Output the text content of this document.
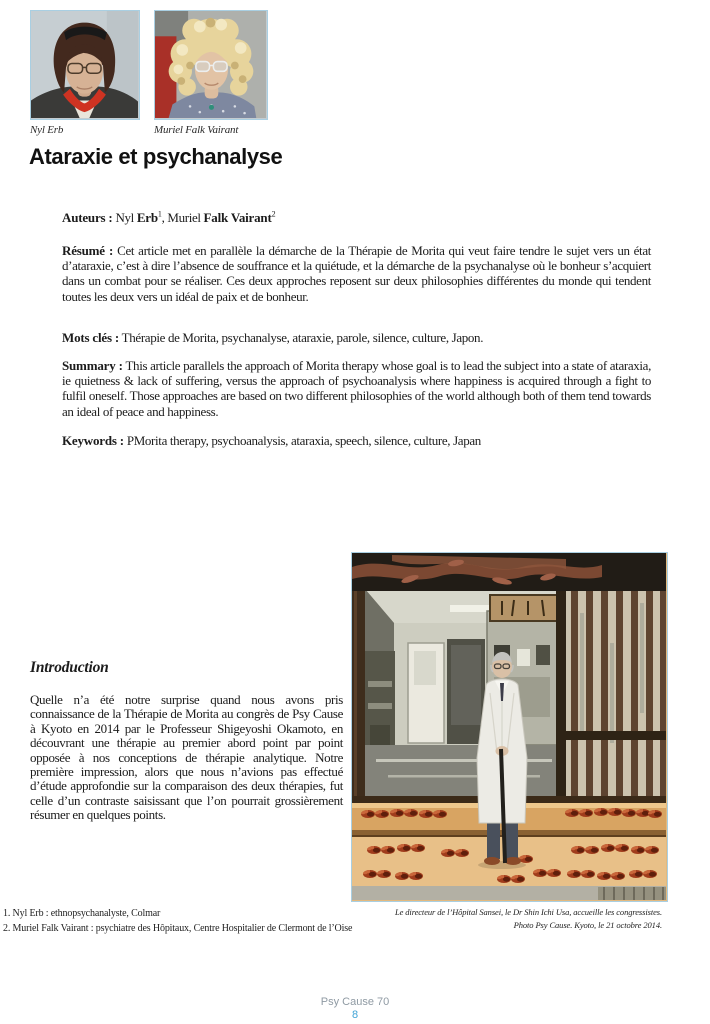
Nyl Erb	Muriel Falk Vairant
Ataraxie et psychanalyse

Auteurs : Nyl Erb$^1$, Muriel Falk Vairant$^2$

Résumé : Cet article met en parallèle la démarche de la Thérapie de Morita qui veut faire tendre le sujet vers un état d’ataraxie, c’est à dire l’absence de souffrance et la quiétude, et la démarche de la psychanalyse où le bonheur s’acquiert dans un combat pour se réaliser. Ces deux approches reposent sur deux philosophies différentes du monde qui tendent toutes les deux vers un idéal de paix et de bonheur.

Mots clés : Thérapie de Morita, psychanalyse, ataraxie, parole, silence, culture, Japon.

Summary : This article parallels the approach of Morita therapy whose goal is to lead the subject into a state of ataraxia, ie quietness & lack of suffering, versus the approach of psychoanalysis where happiness is acquired through a fight to fulfil oneself. Those approaches are based on two different philosophies of the world although both of them tend towards an ideal of peace and happiness.

Keywords : PMorita therapy, psychoanalysis, ataraxia, speech, silence, culture, Japan

Introduction

Quelle n’a été notre surprise quand nous avons pris connaissance de la Thérapie de Morita au congrès de Psy Cause à Kyoto en 2014 par le Professeur Shigeyoshi Okamoto, en découvrant une thérapie au premier abord point par point opposée à nos conceptions de thérapie analytique. Notre première impression, alors que nous n’avions pas effectué d’étude approfondie sur la comparaison des deux thérapies, fut celle d’un contraste saisissant que l’on pourrait grossièrement résumer en quelques points.

Le directeur de l’Hôpital Sansei, le Dr Shin Ichi Usa, accueille les congressistes.
Photo Psy Cause. Kyoto, le 21 octobre 2014.
1. Nyl Erb : ethnopsychanalyste, Colmar
2. Muriel Falk Vairant : psychiatre des Hôpitaux, Centre Hospitalier de Clermont de l’Oise
Psy Cause 70
8
